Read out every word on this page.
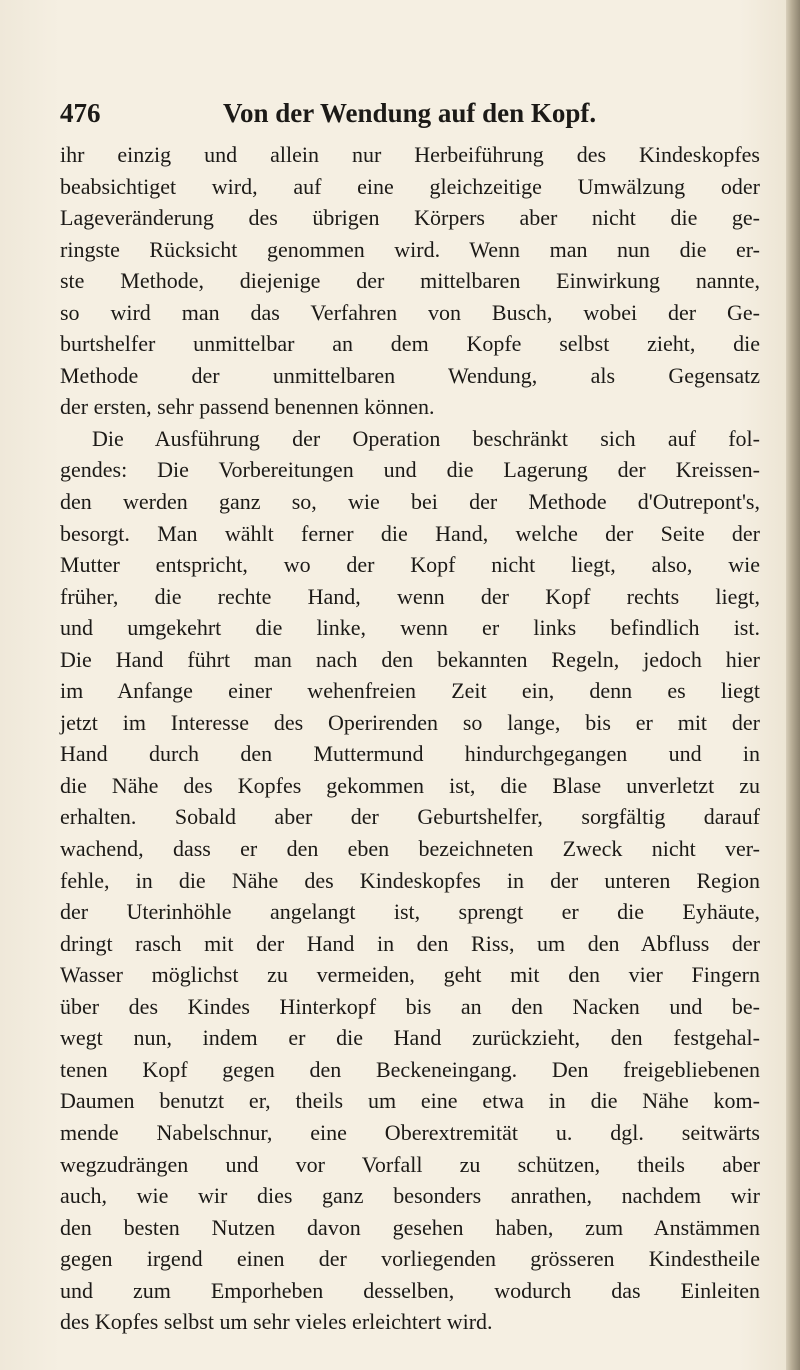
476	Von der Wendung auf den Kopf.
ihr einzig und allein nur Herbeiführung des Kindeskopfes
beabsichtiget wird, auf eine gleichzeitige Umwälzung oder
Lageveränderung des übrigen Körpers aber nicht die ge-
ringste Rücksicht genommen wird. Wenn man nun die er-
ste Methode, diejenige der mittelbaren Einwirkung nannte,
so wird man das Verfahren von Busch, wobei der Ge-
burtshelfer unmittelbar an dem Kopfe selbst zieht, die
Methode der unmittelbaren Wendung, als Gegensatz
der ersten, sehr passend benennen können.
Die Ausführung der Operation beschränkt sich auf fol-
gendes: Die Vorbereitungen und die Lagerung der Kreissen-
den werden ganz so, wie bei der Methode d'Outrepont's,
besorgt. Man wählt ferner die Hand, welche der Seite der
Mutter entspricht, wo der Kopf nicht liegt, also, wie
früher, die rechte Hand, wenn der Kopf rechts liegt,
und umgekehrt die linke, wenn er links befindlich ist.
Die Hand führt man nach den bekannten Regeln, jedoch hier
im Anfange einer wehenfreien Zeit ein, denn es liegt
jetzt im Interesse des Operirenden so lange, bis er mit der
Hand durch den Muttermund hindurchgegangen und in
die Nähe des Kopfes gekommen ist, die Blase unverletzt zu
erhalten. Sobald aber der Geburtshelfer, sorgfältig darauf
wachend, dass er den eben bezeichneten Zweck nicht ver-
fehle, in die Nähe des Kindeskopfes in der unteren Region
der Uterinhöhle angelangt ist, sprengt er die Eyhäute,
dringt rasch mit der Hand in den Riss, um den Abfluss der
Wasser möglichst zu vermeiden, geht mit den vier Fingern
über des Kindes Hinterkopf bis an den Nacken und be-
wegt nun, indem er die Hand zurückzieht, den festgehal-
tenen Kopf gegen den Beckeneingang. Den freigebliebenen
Daumen benutzt er, theils um eine etwa in die Nähe kom-
mende Nabelschnur, eine Oberextremität u. dgl. seitwärts
wegzudrängen und vor Vorfall zu schützen, theils aber
auch, wie wir dies ganz besonders anrathen, nachdem wir
den besten Nutzen davon gesehen haben, zum Anstämmen
gegen irgend einen der vorliegenden grösseren Kindestheile
und zum Emporheben desselben, wodurch das Einleiten
des Kopfes selbst um sehr vieles erleichtert wird.
